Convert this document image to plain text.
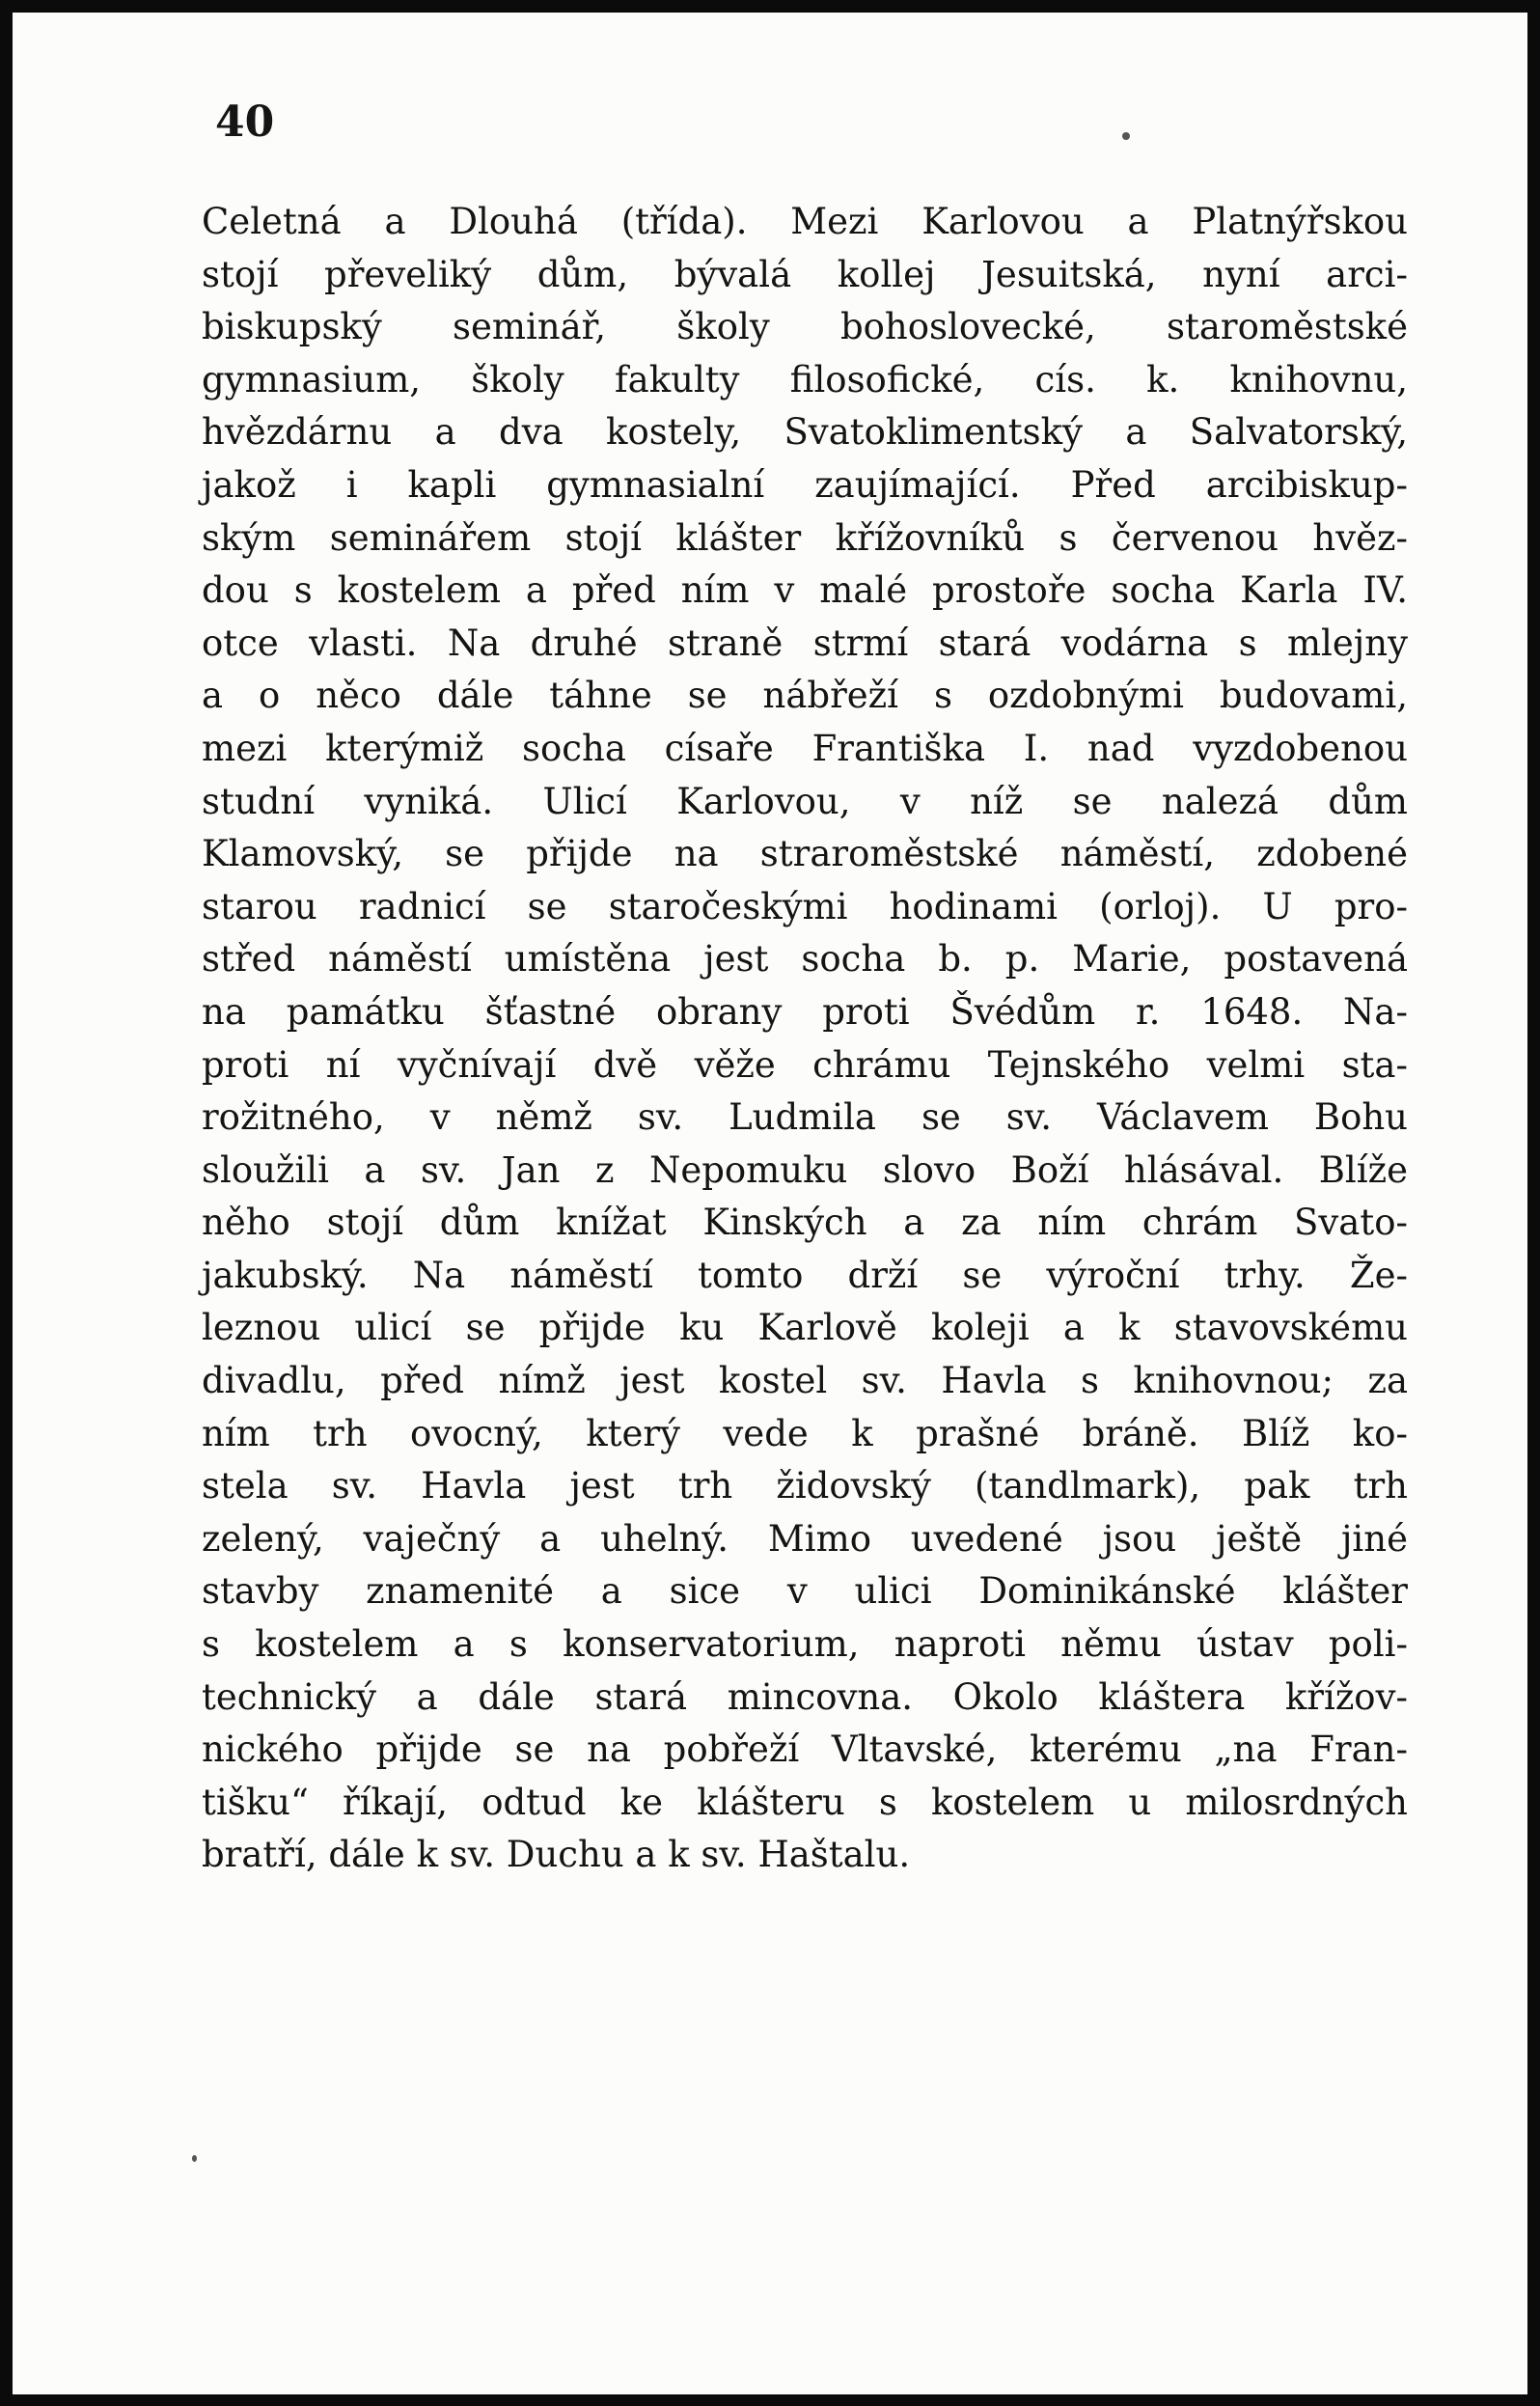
40

Celetná a Dlouhá (třída). Mezi Karlovou a Platnýřskou

stojí převeliký dům, bývalá kollej Jesuitská, nyní arci-

biskupský seminář, školy bohoslovecké, staroměstské

gymnasium, školy fakulty filosofické, cís. k. knihovnu,

hvězdárnu a dva kostely, Svatoklimentský a Salvatorský,

jakož i kapli gymnasialní zaujímající. Před arcibiskup-

ským seminářem stojí klášter křížovníků s červenou hvěz-

dou s kostelem a před ním v malé prostoře socha Karla IV.

otce vlasti. Na druhé straně strmí stará vodárna s mlejny

a o něco dále táhne se nábřeží s ozdobnými budovami,

mezi kterýmiž socha císaře Františka I. nad vyzdobenou

studní vyniká. Ulicí Karlovou, v níž se nalezá dům

Klamovský, se přijde na straroměstské náměstí, zdobené

starou radnicí se staročeskými hodinami (orloj). U pro-

střed náměstí umístěna jest socha b. p. Marie, postavená

na památku šťastné obrany proti Švédům r. 1648. Na-

proti ní vyčnívají dvě věže chrámu Tejnského velmi sta-

rožitného, v němž sv. Ludmila se sv. Václavem Bohu

sloužili a sv. Jan z Nepomuku slovo Boží hlásával. Blíže

něho stojí dům knížat Kinských a za ním chrám Svato-

jakubský. Na náměstí tomto drží se výroční trhy. Že-

leznou ulicí se přijde ku Karlově koleji a k stavovskému

divadlu, před nímž jest kostel sv. Havla s knihovnou; za

ním trh ovocný, který vede k prašné bráně. Blíž ko-

stela sv. Havla jest trh židovský (tandlmark), pak trh

zelený, vaječný a uhelný. Mimo uvedené jsou ještě jiné

stavby znamenité a sice v ulici Dominikánské klášter

s kostelem a s konservatorium, naproti němu ústav poli-

technický a dále stará mincovna. Okolo kláštera křížov-

nického přijde se na pobřeží Vltavské, kterému „na Fran-

tišku“ říkají, odtud ke klášteru s kostelem u milosrdných

bratří, dále k sv. Duchu a k sv. Haštalu.
